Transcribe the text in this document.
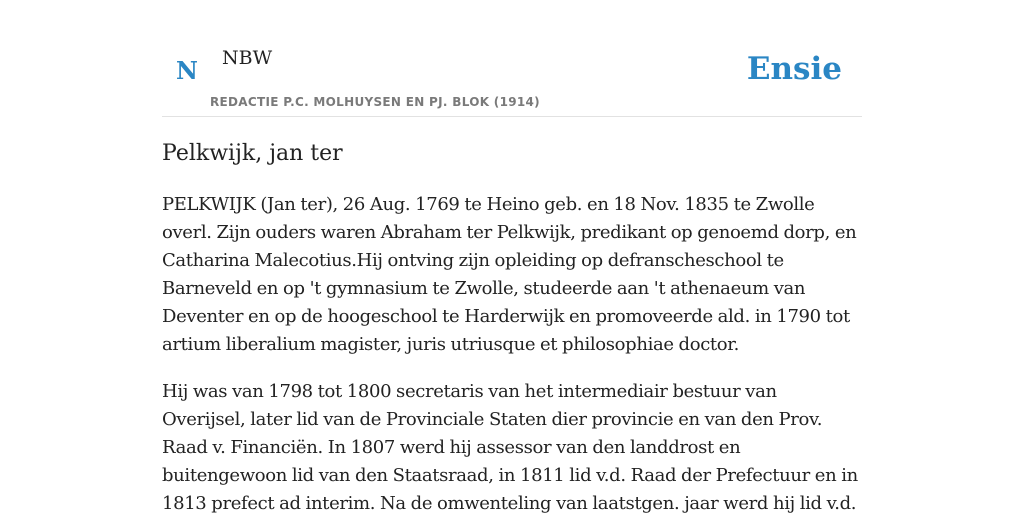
N NBW
REDACTIE P.C. MOLHUYSEN EN PJ. BLOK (1914)
Ensie
Pelkwijk, jan ter

PELKWIJK (Jan ter), 26 Aug. 1769 te Heino geb. en 18 Nov. 1835 te Zwolle overl. Zijn ouders waren Abraham ter Pelkwijk, predikant op genoemd dorp, en Catharina Malecotius.Hij ontving zijn opleiding op defranscheschool te Barneveld en op 't gymnasium te Zwolle, studeerde aan 't athenaeum van Deventer en op de hoogeschool te Harderwijk en promoveerde ald. in 1790 tot artium liberalium magister, juris utriusque et philosophiae doctor.

Hij was van 1798 tot 1800 secretaris van het intermediair bestuur van Overijsel, later lid van de Provinciale Staten dier provincie en van den Prov. Raad v. Financiën. In 1807 werd hij assessor van den landdrost en buitengewoon lid van den Staatsraad, in 1811 lid v.d. Raad der Prefectuur en in 1813 prefect ad interim. Na de omwenteling van laatstgen. jaar werd hij lid v.d.
